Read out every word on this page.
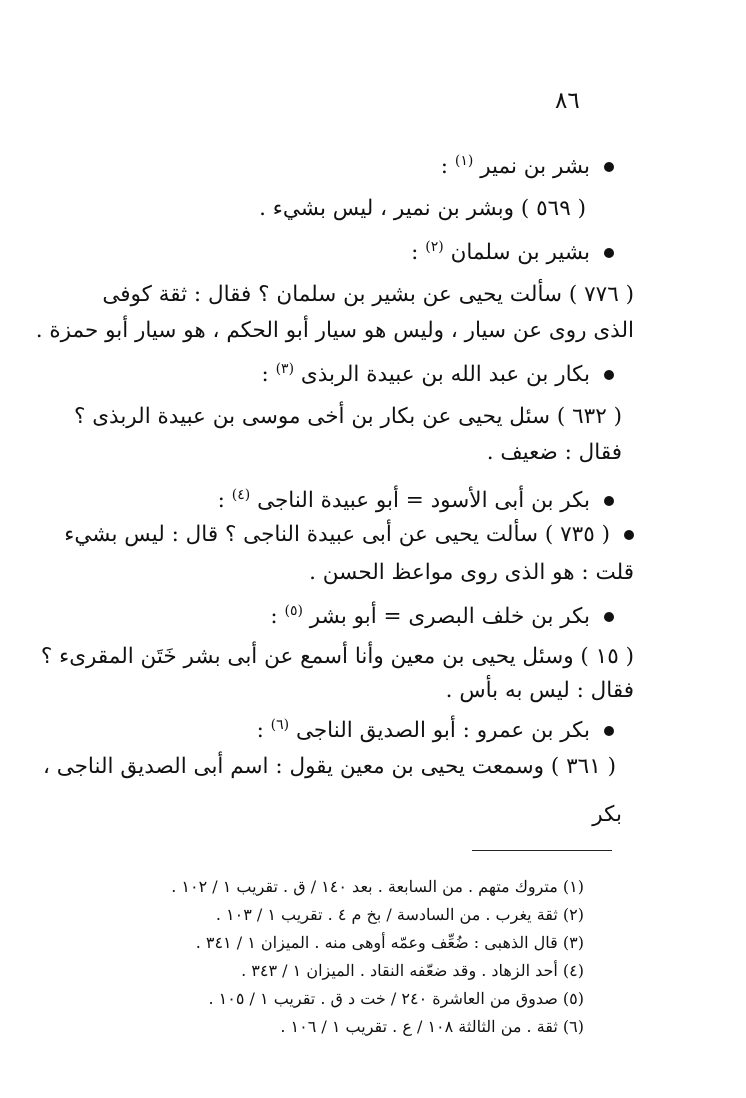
٨٦
بشر بن نمير $^{(١)}$ :
( ٥٦٩ ) وبشر بن نمير ، ليس بشيء .
بشير بن سلمان $^{(٢)}$ :
( ٧٧٦ ) سألت يحيى عن بشير بن سلمان ؟ فقال : ثقة كوفى
الذى روى عن سيار ، وليس هو سيار أبو الحكم ، هو سيار أبو حمزة .
بكار بن عبد الله بن عبيدة الربذى $^{(٣)}$ :
( ٦٣٢ ) سئل يحيى عن بكار بن أخى موسى بن عبيدة الربذى ؟
فقال : ضعيف .
بكر بن أبى الأسود = أبو عبيدة الناجى $^{(٤)}$ :
( ٧٣٥ ) سألت يحيى عن أبى عبيدة الناجى ؟ قال : ليس بشيء
قلت : هو الذى روى مواعظ الحسن .
بكر بن خلف البصرى = أبو بشر $^{(٥)}$ :
( ١٥ ) وسئل يحيى بن معين وأنا أسمع عن أبى بشر خَتَن المقرىء ؟
فقال : ليس به بأس .
بكر بن عمرو : أبو الصديق الناجى $^{(٦)}$ :
( ٣٦١ ) وسمعت يحيى بن معين يقول : اسم أبى الصديق الناجى ،
بكر
(١) متروك متهم . من السابعة . بعد ١٤٠ / ق . تقريب ١ / ١٠٢ .
(٢) ثقة يغرب . من السادسة / بخ م ٤ . تقريب ١ / ١٠٣ .
(٣) قال الذهبى : ضُعِّف وعمّه أوهى منه . الميزان ١ / ٣٤١ .
(٤) أحد الزهاد . وقد ضعّفه النقاد . الميزان ١ / ٣٤٣ .
(٥) صدوق من العاشرة ٢٤٠ / خت د ق . تقريب ١ / ١٠٥ .
(٦) ثقة . من الثالثة ١٠٨ / ع . تقريب ١ / ١٠٦ .
